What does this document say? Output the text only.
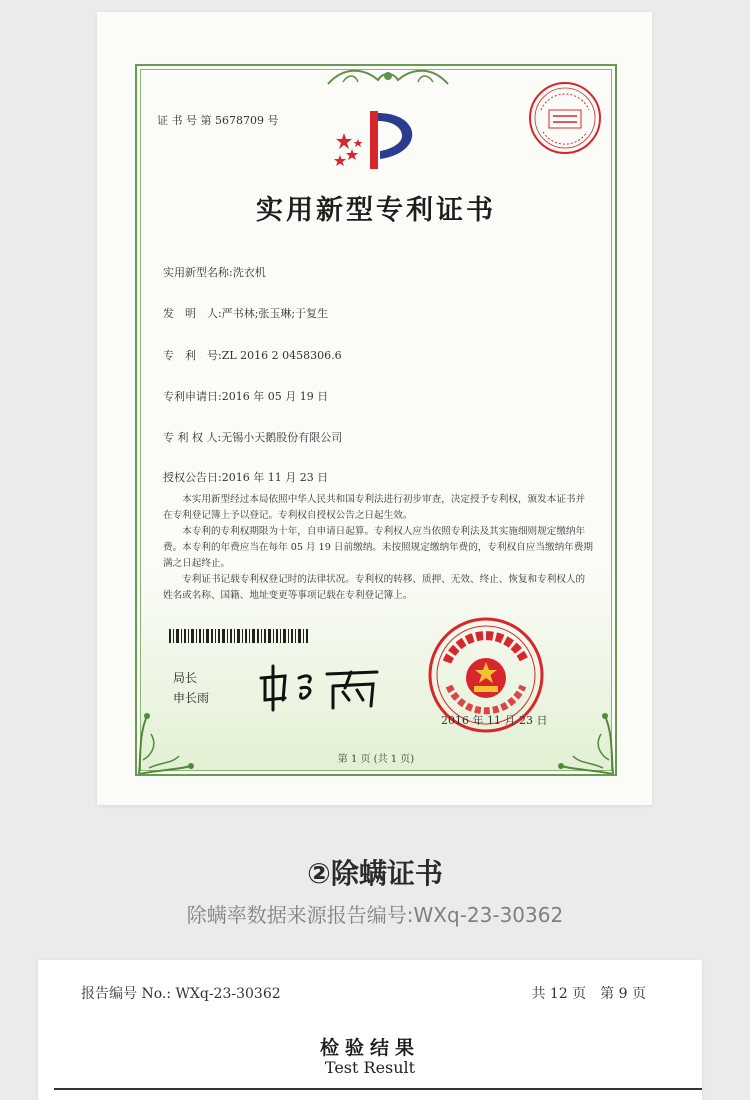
证 书 号 第 5678709 号
实用新型专利证书
实用新型名称:洗衣机
发　明　人:严书林;张玉琳;于复生
专　利　号:ZL 2016 2 0458306.6
专利申请日:2016 年 05 月 19 日
专 利 权 人:无锡小天鹅股份有限公司
授权公告日:2016 年 11 月 23 日

本实用新型经过本局依照中华人民共和国专利法进行初步审查，决定授予专利权，颁发本证书并在专利登记簿上予以登记。专利权自授权公告之日起生效。

本专利的专利权期限为十年，自申请日起算。专利权人应当依照专利法及其实施细则规定缴纳年费。本专利的年费应当在每年 05 月 19 日前缴纳。未按照规定缴纳年费的，专利权自应当缴纳年费期满之日起终止。

专利证书记载专利权登记时的法律状况。专利权的转移、质押、无效、终止、恢复和专利权人的姓名或名称、国籍、地址变更等事项记载在专利登记簿上。

局长
申长雨
2016 年 11 月 23 日
第 1 页 (共 1 页)
②除螨证书
除螨率数据来源报告编号:WXq-23-30362
报告编号 No.: WXq-23-30362	共 12 页　第 9 页
检验结果
Test Result
